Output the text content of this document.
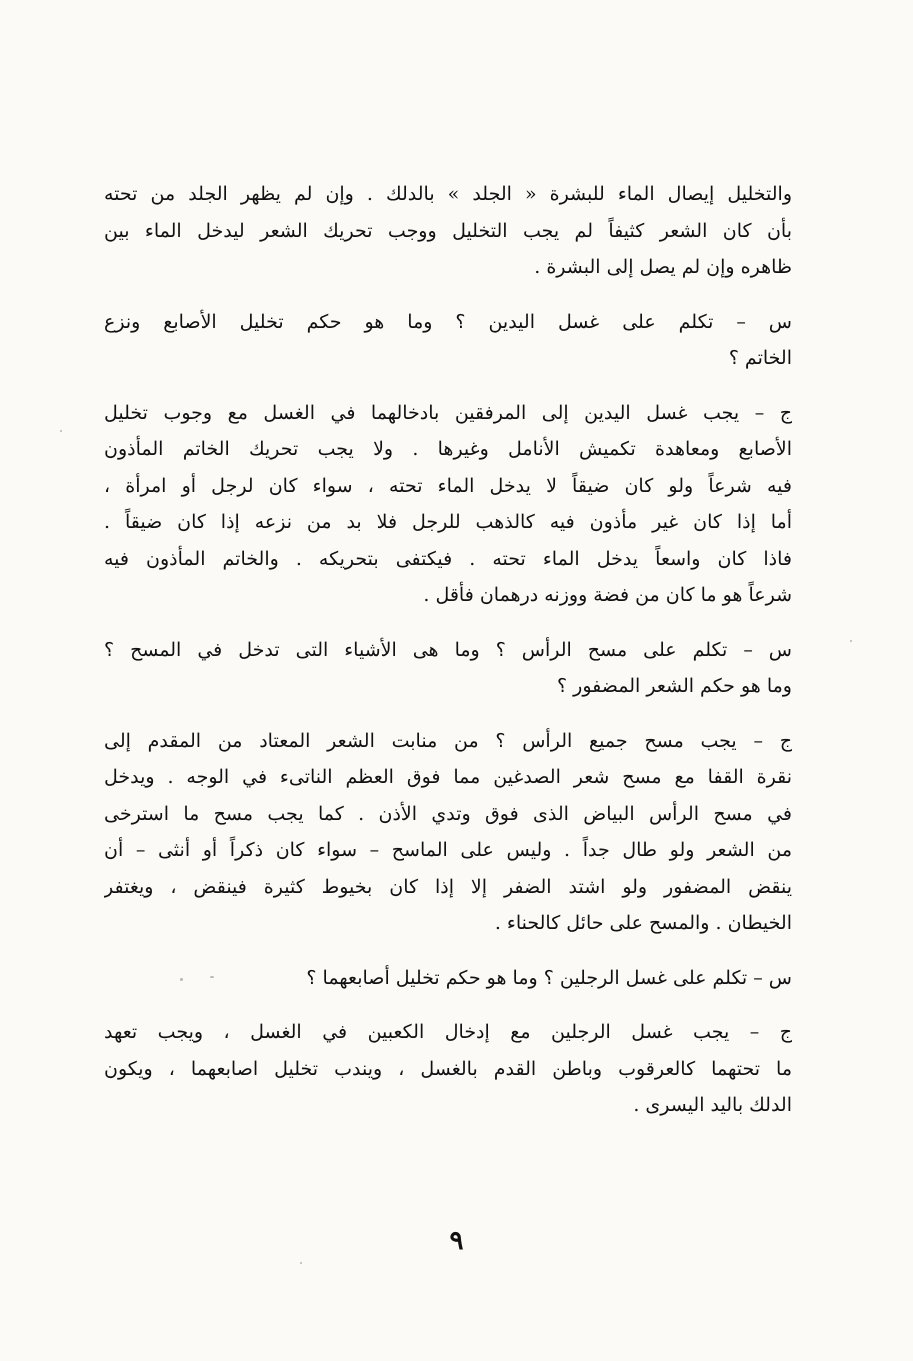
والتخليل إيصال الماء للبشرة « الجلد » بالدلك . وإن لم يظهر الجلد من تحته
بأن كان الشعر كثيفاً لم يجب التخليل ووجب تحريك الشعر ليدخل الماء بين
ظاهره وإن لم يصل إلى البشرة .

س – تكلم على غسل اليدين ؟ وما هو حكم تخليل الأصابع ونزع
الخاتم ؟

ج – يجب غسل اليدين إلى المرفقين بادخالهما في الغسل مع وجوب تخليل
الأصابع ومعاهدة تكميش الأنامل وغيرها . ولا يجب تحريك الخاتم المأذون
فيه شرعاً ولو كان ضيقاً لا يدخل الماء تحته ، سواء كان لرجل أو امرأة ،
أما إذا كان غير مأذون فيه كالذهب للرجل فلا بد من نزعه إذا كان ضيقاً .
فاذا كان واسعاً يدخل الماء تحته . فيكتفى بتحريكه . والخاتم المأذون فيه
شرعاً هو ما كان من فضة ووزنه درهمان فأقل .

س – تكلم على مسح الرأس ؟ وما هى الأشياء التى تدخل في المسح ؟
وما هو حكم الشعر المضفور ؟

ج – يجب مسح جميع الرأس ؟ من منابت الشعر المعتاد من المقدم إلى
نقرة القفا مع مسح شعر الصدغين مما فوق العظم الناتىء في الوجه . ويدخل
في مسح الرأس البياض الذى فوق وتدي الأذن . كما يجب مسح ما استرخى
من الشعر ولو طال جداً . وليس على الماسح – سواء كان ذكراً أو أنثى – أن
ينقض المضفور ولو اشتد الضفر إلا إذا كان بخيوط كثيرة فينقض ، ويغتفر
الخيطان . والمسح على حائل كالحناء .

س – تكلم على غسل الرجلين ؟ وما هو حكم تخليل أصابعهما ؟

ج – يجب غسل الرجلين مع إدخال الكعبين في الغسل ، ويجب تعهد
ما تحتهما كالعرقوب وباطن القدم بالغسل ، ويندب تخليل اصابعهما ، ويكون
الدلك باليد اليسرى .

٩
